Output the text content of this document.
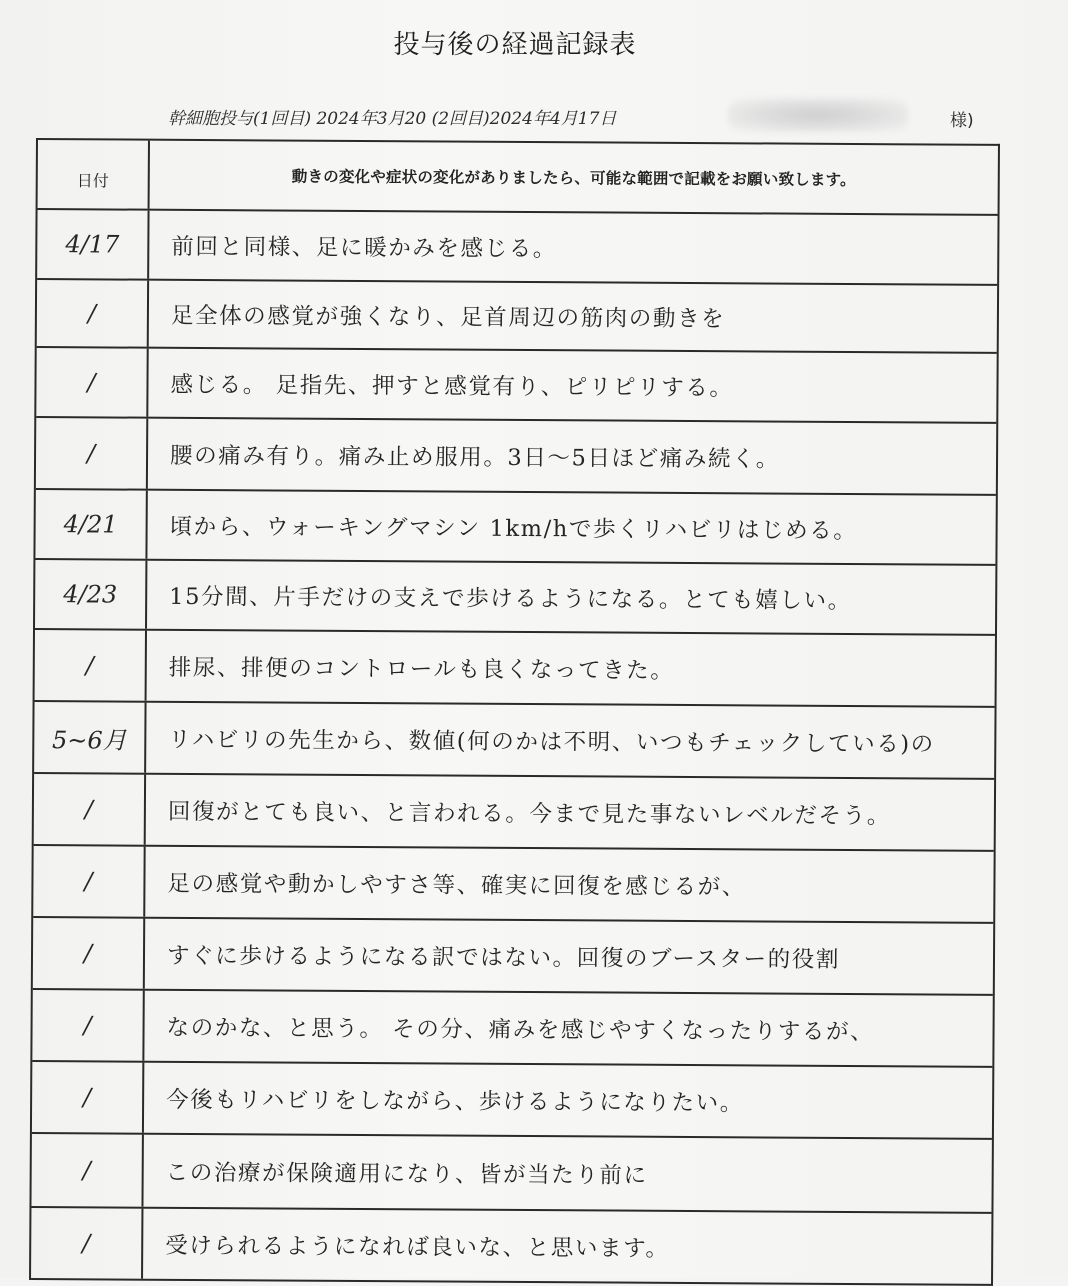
投与後の経過記録表
幹細胞投与(1回目) 2024年3月20 (2回目)2024年4月17日	様)
日付	動きの変化や症状の変化がありましたら、可能な範囲で記載をお願い致します。
4/17	前回と同様、足に暖かみを感じる。
/	足全体の感覚が強くなり、足首周辺の筋肉の動きを
/	感じる。 足指先、押すと感覚有り、ピリピリする。
/	腰の痛み有り。痛み止め服用。3日～5日ほど痛み続く。
4/21	頃から、ウォーキングマシン 1km/hで歩くリハビリはじめる。
4/23	15分間、片手だけの支えで歩けるようになる。とても嬉しい。
/	排尿、排便のコントロールも良くなってきた。
5~6月	リハビリの先生から、数値(何のかは不明、いつもチェックしている)の
/	回復がとても良い、と言われる。今まで見た事ないレベルだそう。
/	足の感覚や動かしやすさ等、確実に回復を感じるが、
/	すぐに歩けるようになる訳ではない。回復のブースター的役割
/	なのかな、と思う。 その分、痛みを感じやすくなったりするが、
/	今後もリハビリをしながら、歩けるようになりたい。
/	この治療が保険適用になり、皆が当たり前に
/	受けられるようになれば良いな、と思います。
